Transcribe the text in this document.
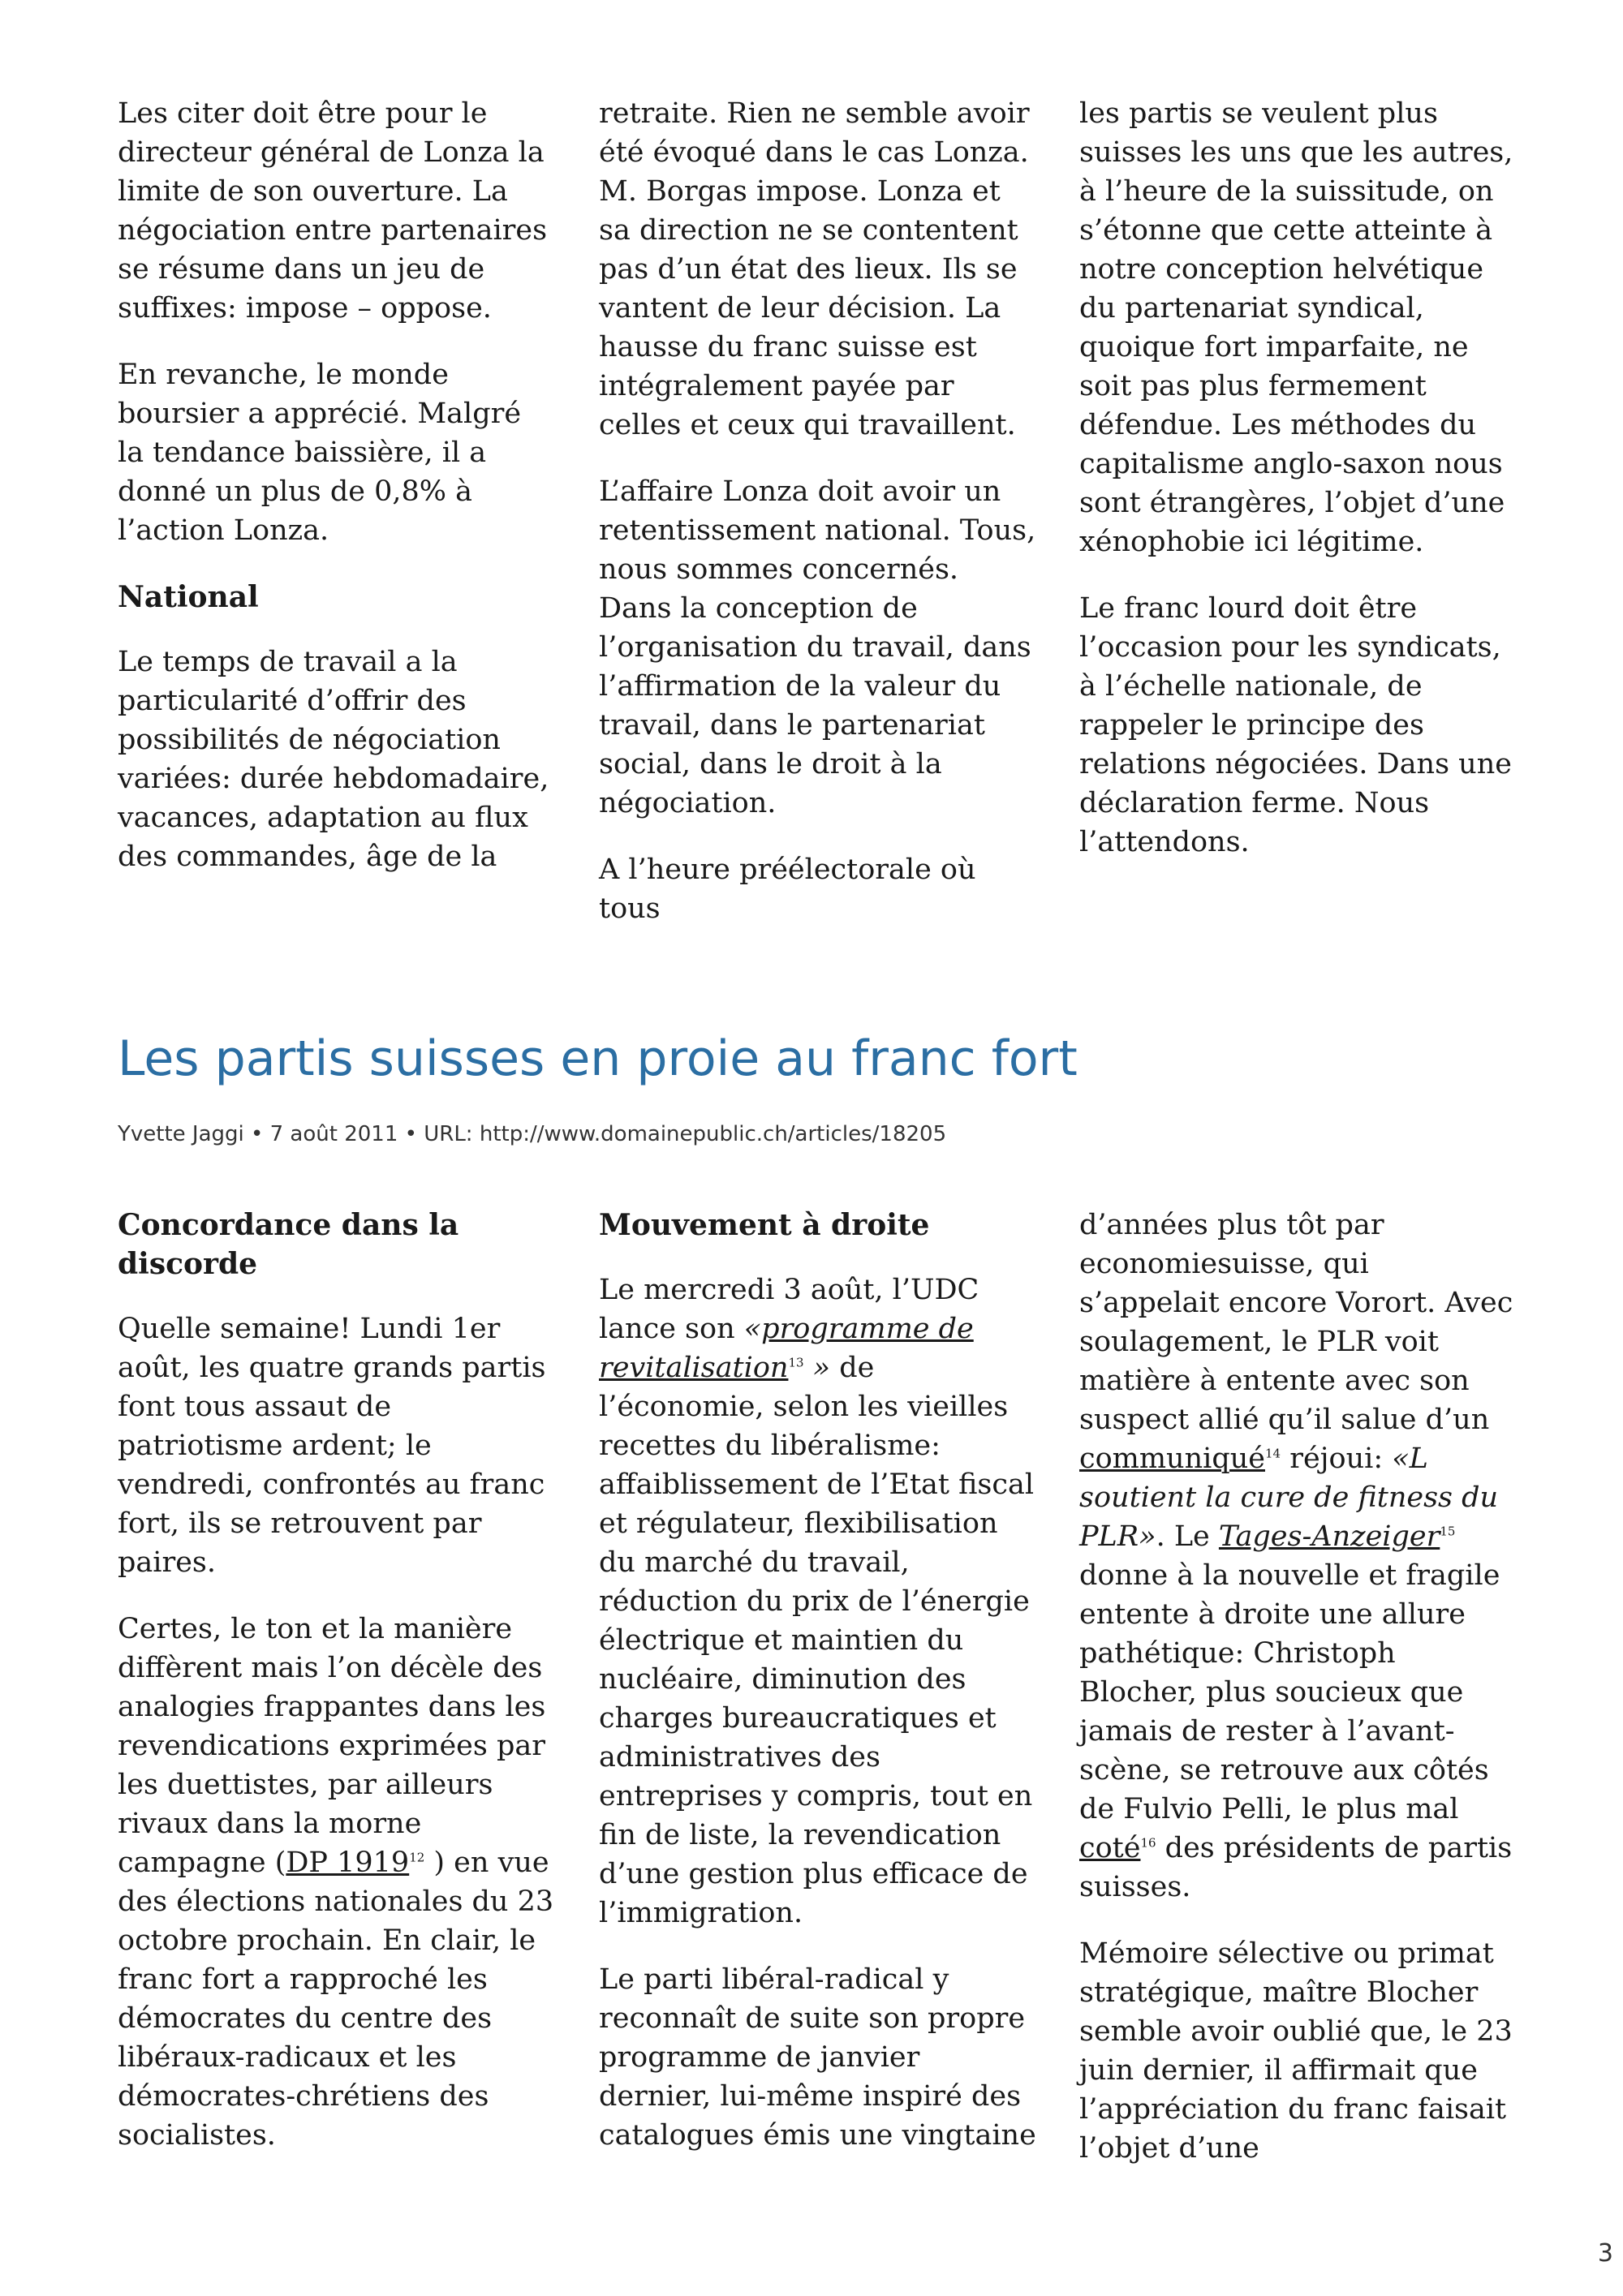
Les citer doit être pour le directeur général de Lonza la limite de son ouverture. La négociation entre partenaires se résume dans un jeu de suffixes: impose – oppose.

En revanche, le monde boursier a apprécié. Malgré la tendance baissière, il a donné un plus de 0,8% à l’action Lonza.

National

Le temps de travail a la particularité d’offrir des possibilités de négociation variées: durée hebdomadaire, vacances, adaptation au flux des commandes, âge de la

retraite. Rien ne semble avoir été évoqué dans le cas Lonza. M. Borgas impose. Lonza et sa direction ne se contentent pas d’un état des lieux. Ils se vantent de leur décision. La hausse du franc suisse est intégralement payée par celles et ceux qui travaillent.

L’affaire Lonza doit avoir un retentissement national. Tous, nous sommes concernés. Dans la conception de l’organisation du travail, dans l’affirmation de la valeur du travail, dans le partenariat social, dans le droit à la négociation.

A l’heure préélectorale où tous

les partis se veulent plus suisses les uns que les autres, à l’heure de la suissitude, on s’étonne que cette atteinte à notre conception helvétique du partenariat syndical, quoique fort imparfaite, ne soit pas plus fermement défendue. Les méthodes du capitalisme anglo-saxon nous sont étrangères, l’objet d’une xénophobie ici légitime.

Le franc lourd doit être l’occasion pour les syndicats, à l’échelle nationale, de rappeler le principe des relations négociées. Dans une déclaration ferme. Nous l’attendons.

Les partis suisses en proie au franc fort
Yvette Jaggi • 7 août 2011 • URL: http://www.domainepublic.ch/articles/18205
Concordance dans la discorde

Quelle semaine! Lundi 1er août, les quatre grands partis font tous assaut de patriotisme ardent; le vendredi, confrontés au franc fort, ils se retrouvent par paires.

Certes, le ton et la manière diffèrent mais l’on décèle des analogies frappantes dans les revendications exprimées par les duettistes, par ailleurs rivaux dans la morne campagne (DP 1919$^{12}$ ) en vue des élections nationales du 23 octobre prochain. En clair, le franc fort a rapproché les démocrates du centre des libéraux-radicaux et les démocrates-chrétiens des socialistes.

Mouvement à droite

Le mercredi 3 août, l’UDC lance son «programme de revitalisation$^{13}$ » de l’économie, selon les vieilles recettes du libéralisme: affaiblissement de l’Etat fiscal et régulateur, flexibilisation du marché du travail, réduction du prix de l’énergie électrique et maintien du nucléaire, diminution des charges bureaucratiques et administratives des entreprises y compris, tout en fin de liste, la revendication d’une gestion plus efficace de l’immigration.

Le parti libéral-radical y reconnaît de suite son propre programme de janvier dernier, lui-même inspiré des catalogues émis une vingtaine

d’années plus tôt par economiesuisse, qui s’appelait encore Vorort. Avec soulagement, le PLR voit matière à entente avec son suspect allié qu’il salue d’un communiqué$^{14}$ réjoui: «L soutient la cure de fitness du PLR». Le Tages-Anzeiger$^{15}$ donne à la nouvelle et fragile entente à droite une allure pathétique: Christoph Blocher, plus soucieux que jamais de rester à l’avant-scène, se retrouve aux côtés de Fulvio Pelli, le plus mal coté$^{16}$ des présidents de partis suisses.

Mémoire sélective ou primat stratégique, maître Blocher semble avoir oublié que, le 23 juin dernier, il affirmait que l’appréciation du franc faisait l’objet d’une

3
